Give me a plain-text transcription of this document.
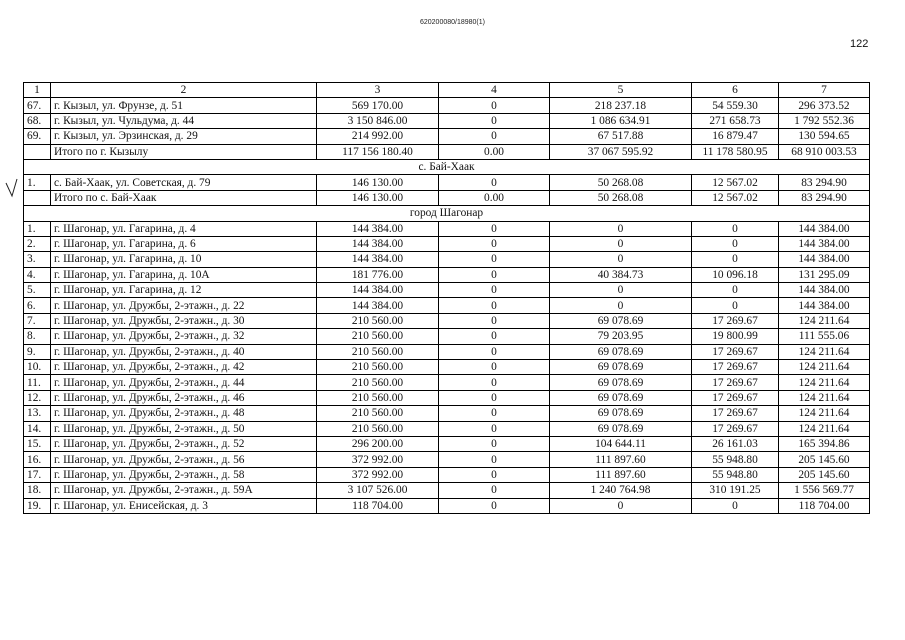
620200080/18980(1)
122
1	2	3	4	5	6	7
67.	г. Кызыл, ул. Фрунзе, д. 51	569 170.00	0	218 237.18	54 559.30	296 373.52
68.	г. Кызыл, ул. Чульдума, д. 44	3 150 846.00	0	1 086 634.91	271 658.73	1 792 552.36
69.	г. Кызыл, ул. Эрзинская, д. 29	214 992.00	0	67 517.88	16 879.47	130 594.65
	Итого по г. Кызылу	117 156 180.40	0.00	37 067 595.92	11 178 580.95	68 910 003.53
с. Бай-Хаак						
1.	с. Бай-Хаак, ул. Советская, д. 79	146 130.00	0	50 268.08	12 567.02	83 294.90
	Итого по с. Бай-Хаак	146 130.00	0.00	50 268.08	12 567.02	83 294.90
город Шагонар						
1.	г. Шагонар, ул. Гагарина, д. 4	144 384.00	0	0	0	144 384.00
2.	г. Шагонар, ул. Гагарина, д. 6	144 384.00	0	0	0	144 384.00
3.	г. Шагонар, ул. Гагарина, д. 10	144 384.00	0	0	0	144 384.00
4.	г. Шагонар, ул. Гагарина, д. 10А	181 776.00	0	40 384.73	10 096.18	131 295.09
5.	г. Шагонар, ул. Гагарина, д. 12	144 384.00	0	0	0	144 384.00
6.	г. Шагонар, ул. Дружбы, 2-этажн., д. 22	144 384.00	0	0	0	144 384.00
7.	г. Шагонар, ул. Дружбы, 2-этажн., д. 30	210 560.00	0	69 078.69	17 269.67	124 211.64
8.	г. Шагонар, ул. Дружбы, 2-этажн., д. 32	210 560.00	0	79 203.95	19 800.99	111 555.06
9.	г. Шагонар, ул. Дружбы, 2-этажн., д. 40	210 560.00	0	69 078.69	17 269.67	124 211.64
10.	г. Шагонар, ул. Дружбы, 2-этажн., д. 42	210 560.00	0	69 078.69	17 269.67	124 211.64
11.	г. Шагонар, ул. Дружбы, 2-этажн., д. 44	210 560.00	0	69 078.69	17 269.67	124 211.64
12.	г. Шагонар, ул. Дружбы, 2-этажн., д. 46	210 560.00	0	69 078.69	17 269.67	124 211.64
13.	г. Шагонар, ул. Дружбы, 2-этажн., д. 48	210 560.00	0	69 078.69	17 269.67	124 211.64
14.	г. Шагонар, ул. Дружбы, 2-этажн., д. 50	210 560.00	0	69 078.69	17 269.67	124 211.64
15.	г. Шагонар, ул. Дружбы, 2-этажн., д. 52	296 200.00	0	104 644.11	26 161.03	165 394.86
16.	г. Шагонар, ул. Дружбы, 2-этажн., д. 56	372 992.00	0	111 897.60	55 948.80	205 145.60
17.	г. Шагонар, ул. Дружбы, 2-этажн., д. 58	372 992.00	0	111 897.60	55 948.80	205 145.60
18.	г. Шагонар, ул. Дружбы, 2-этажн., д. 59А	3 107 526.00	0	1 240 764.98	310 191.25	1 556 569.77
19.	г. Шагонар, ул. Енисейская, д. 3	118 704.00	0	0	0	118 704.00
